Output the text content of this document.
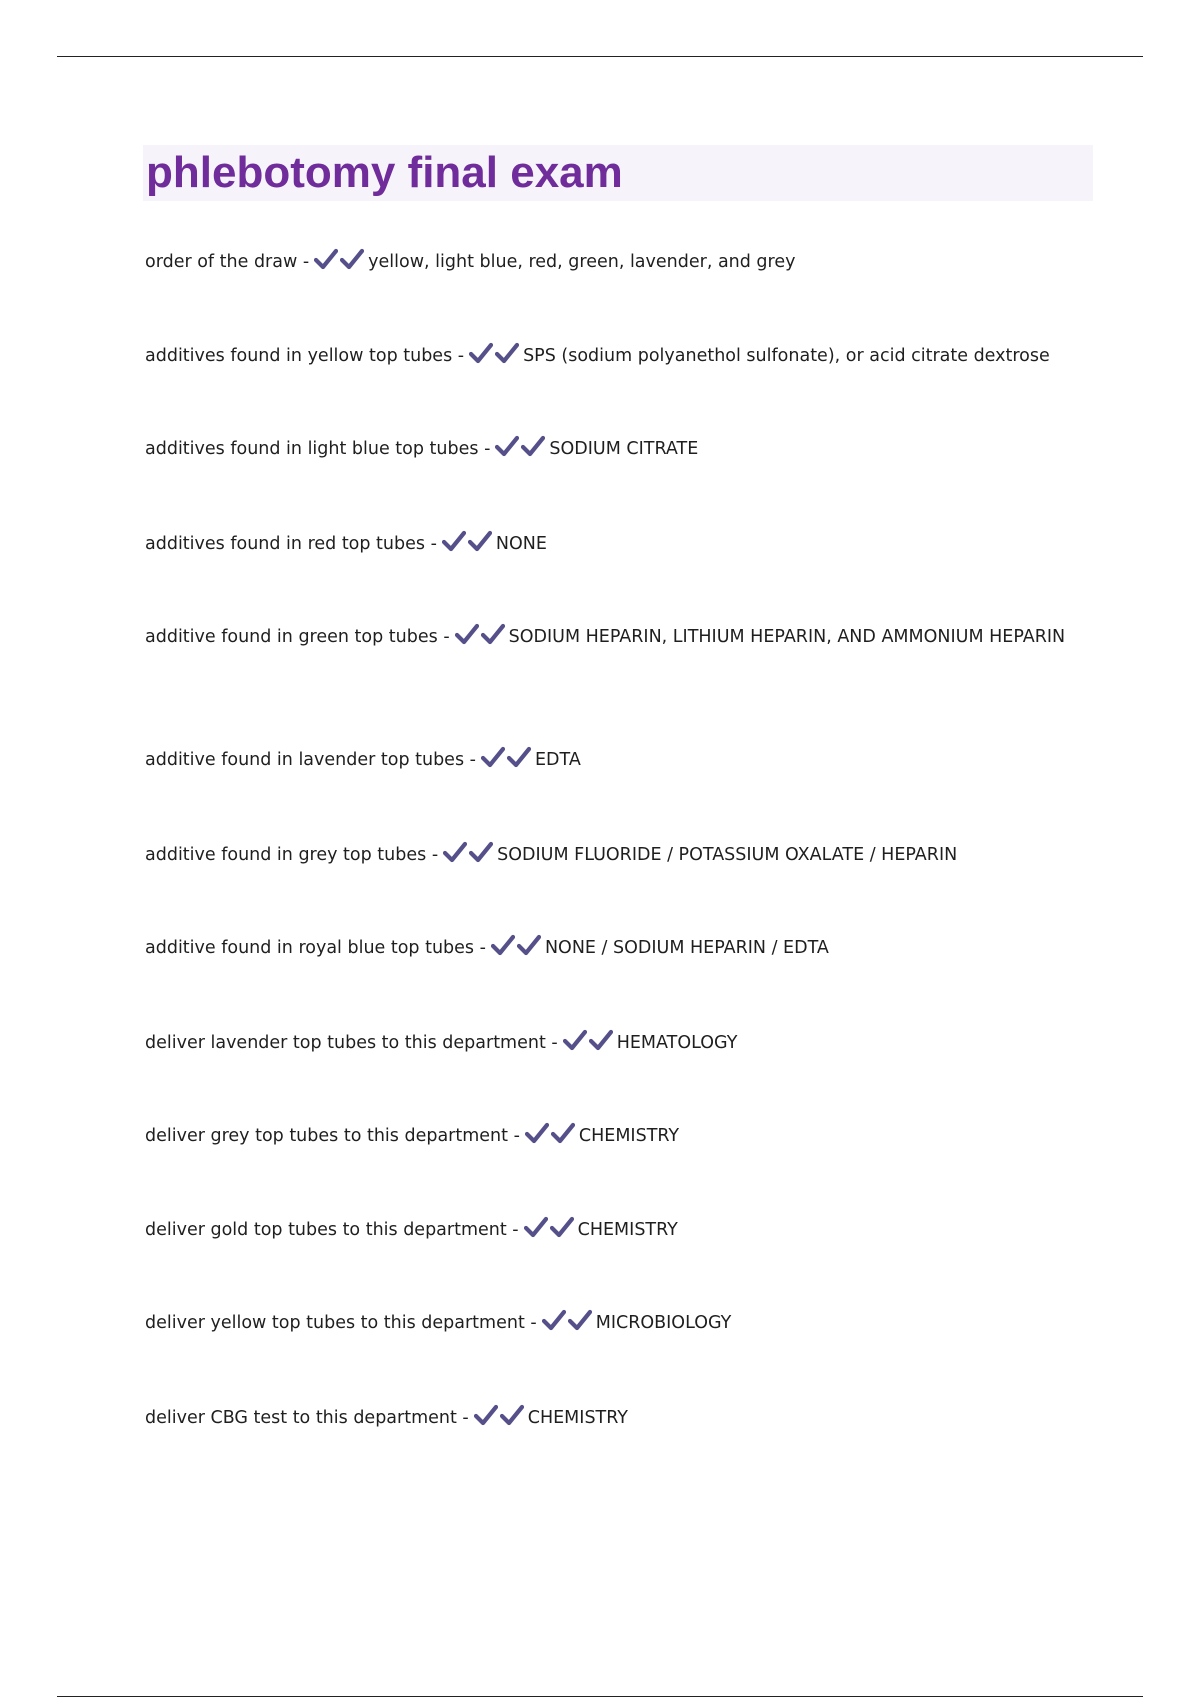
phlebotomy final exam
order of the draw -	yellow, light blue, red, green, lavender, and grey
additives found in yellow top tubes -	SPS (sodium polyanethol sulfonate), or acid citrate dextrose
additives found in light blue top tubes -	SODIUM CITRATE
additives found in red top tubes -	NONE
additive found in green top tubes -	SODIUM HEPARIN, LITHIUM HEPARIN, AND AMMONIUM HEPARIN
additive found in lavender top tubes -	EDTA
additive found in grey top tubes -	SODIUM FLUORIDE / POTASSIUM OXALATE / HEPARIN
additive found in royal blue top tubes -	NONE / SODIUM HEPARIN / EDTA
deliver lavender top tubes to this department -	HEMATOLOGY
deliver grey top tubes to this department -	CHEMISTRY
deliver gold top tubes to this department -	CHEMISTRY
deliver yellow top tubes to this department -	MICROBIOLOGY
deliver CBG test to this department -	CHEMISTRY
